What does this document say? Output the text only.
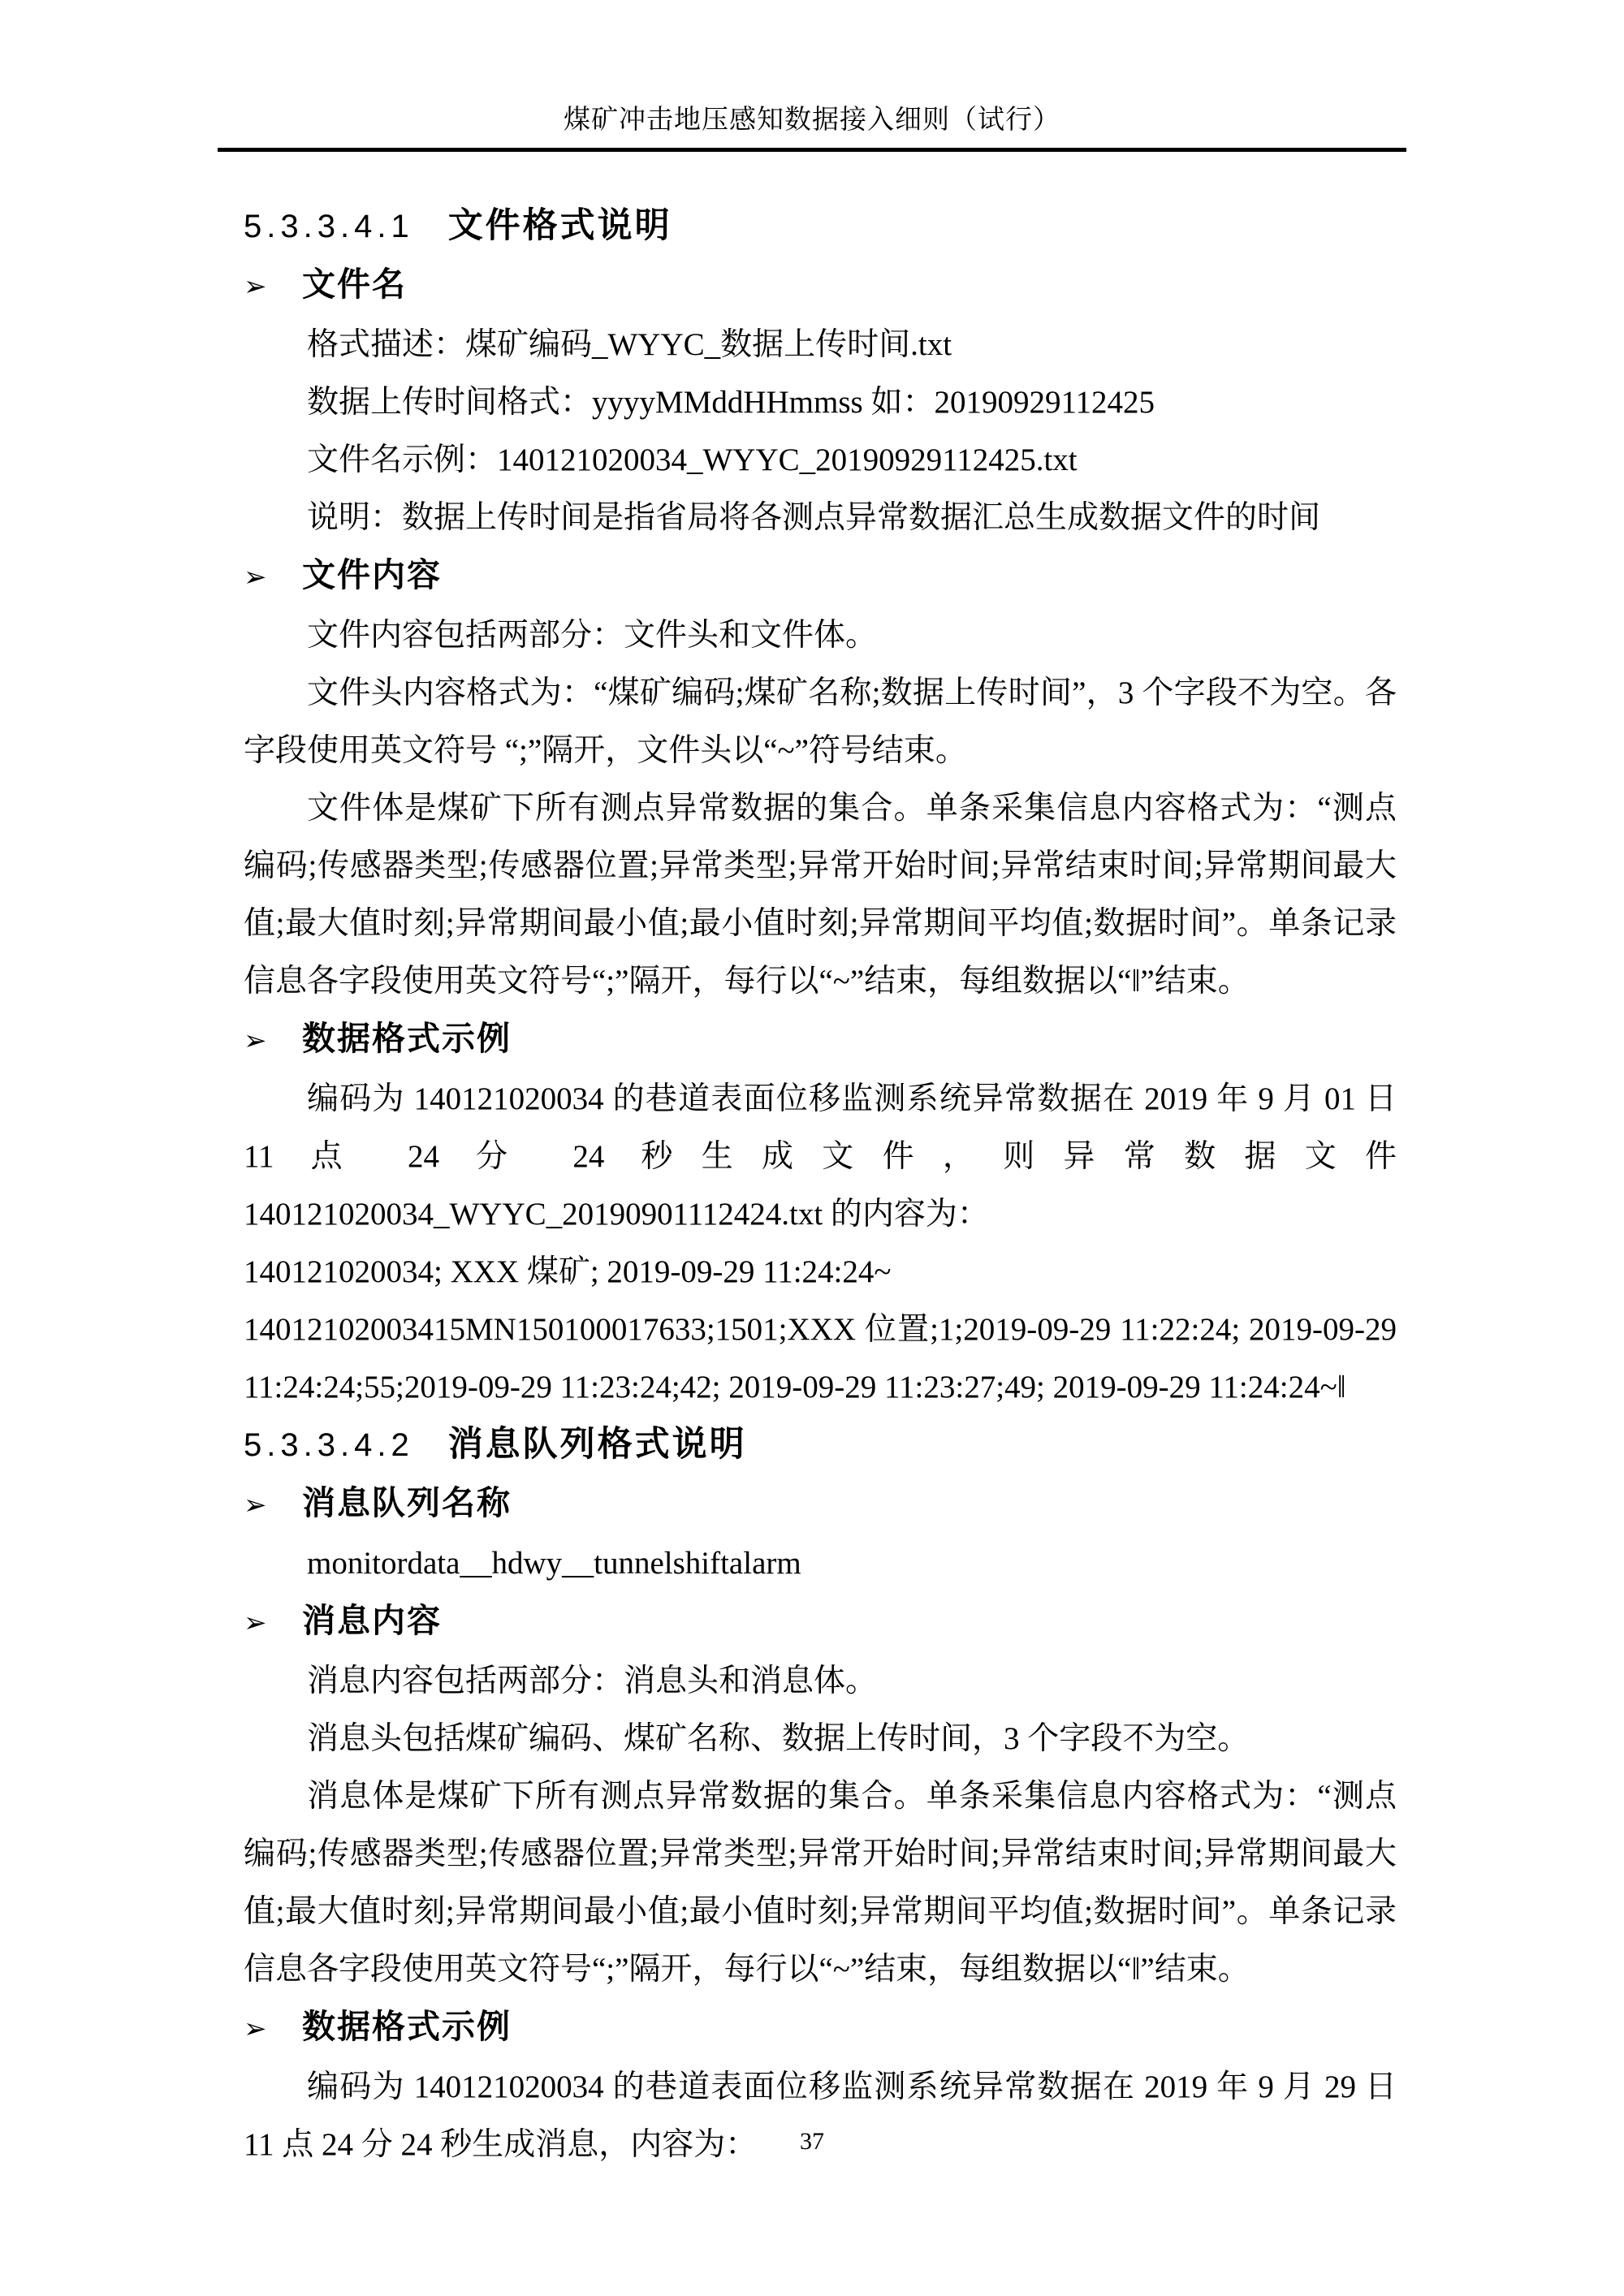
煤矿冲击地压感知数据接入细则（试行）

5.3.3.4.1 文件格式说明

➢	文件名

格式描述：煤矿编码_WYYC_数据上传时间.txt

数据上传时间格式：yyyyMMddHHmmss 如：20190929112425

文件名示例：140121020034_WYYC_20190929112425.txt

说明：数据上传时间是指省局将各测点异常数据汇总生成数据文件的时间

➢	文件内容

文件内容包括两部分：文件头和文件体。

文件头内容格式为：“煤矿编码;煤矿名称;数据上传时间”，3 个字段不为空。各字段使用英文符号 “;”隔开，文件头以“~”符号结束。

文件体是煤矿下所有测点异常数据的集合。单条采集信息内容格式为：“测点编码;传感器类型;传感器位置;异常类型;异常开始时间;异常结束时间;异常期间最大值;最大值时刻;异常期间最小值;最小值时刻;异常期间平均值;数据时间”。单条记录信息各字段使用英文符号“;”隔开，每行以“~”结束，每组数据以“‖”结束。

➢	数据格式示例

编码为 140121020034 的巷道表面位移监测系统异常数据在 2019 年 9 月 01 日 11 点 24 分 24 秒生成文件，则异常数据文件 140121020034_WYYC_20190901112424.txt 的内容为：

140121020034; XXX 煤矿; 2019-09-29 11:24:24~

14012102003415MN150100017633;1501;XXX 位置;1;2019-09-29 11:22:24; 2019-09-29 11:24:24;55;2019-09-29 11:23:24;42; 2019-09-29 11:23:27;49; 2019-09-29 11:24:24~‖

5.3.3.4.2 消息队列格式说明

➢	消息队列名称

monitordata__hdwy__tunnelshiftalarm

➢	消息内容

消息内容包括两部分：消息头和消息体。

消息头包括煤矿编码、煤矿名称、数据上传时间，3 个字段不为空。

消息体是煤矿下所有测点异常数据的集合。单条采集信息内容格式为：“测点编码;传感器类型;传感器位置;异常类型;异常开始时间;异常结束时间;异常期间最大值;最大值时刻;异常期间最小值;最小值时刻;异常期间平均值;数据时间”。单条记录信息各字段使用英文符号“;”隔开，每行以“~”结束，每组数据以“‖”结束。

➢	数据格式示例

编码为 140121020034 的巷道表面位移监测系统异常数据在 2019 年 9 月 29 日 11 点 24 分 24 秒生成消息，内容为：	37
